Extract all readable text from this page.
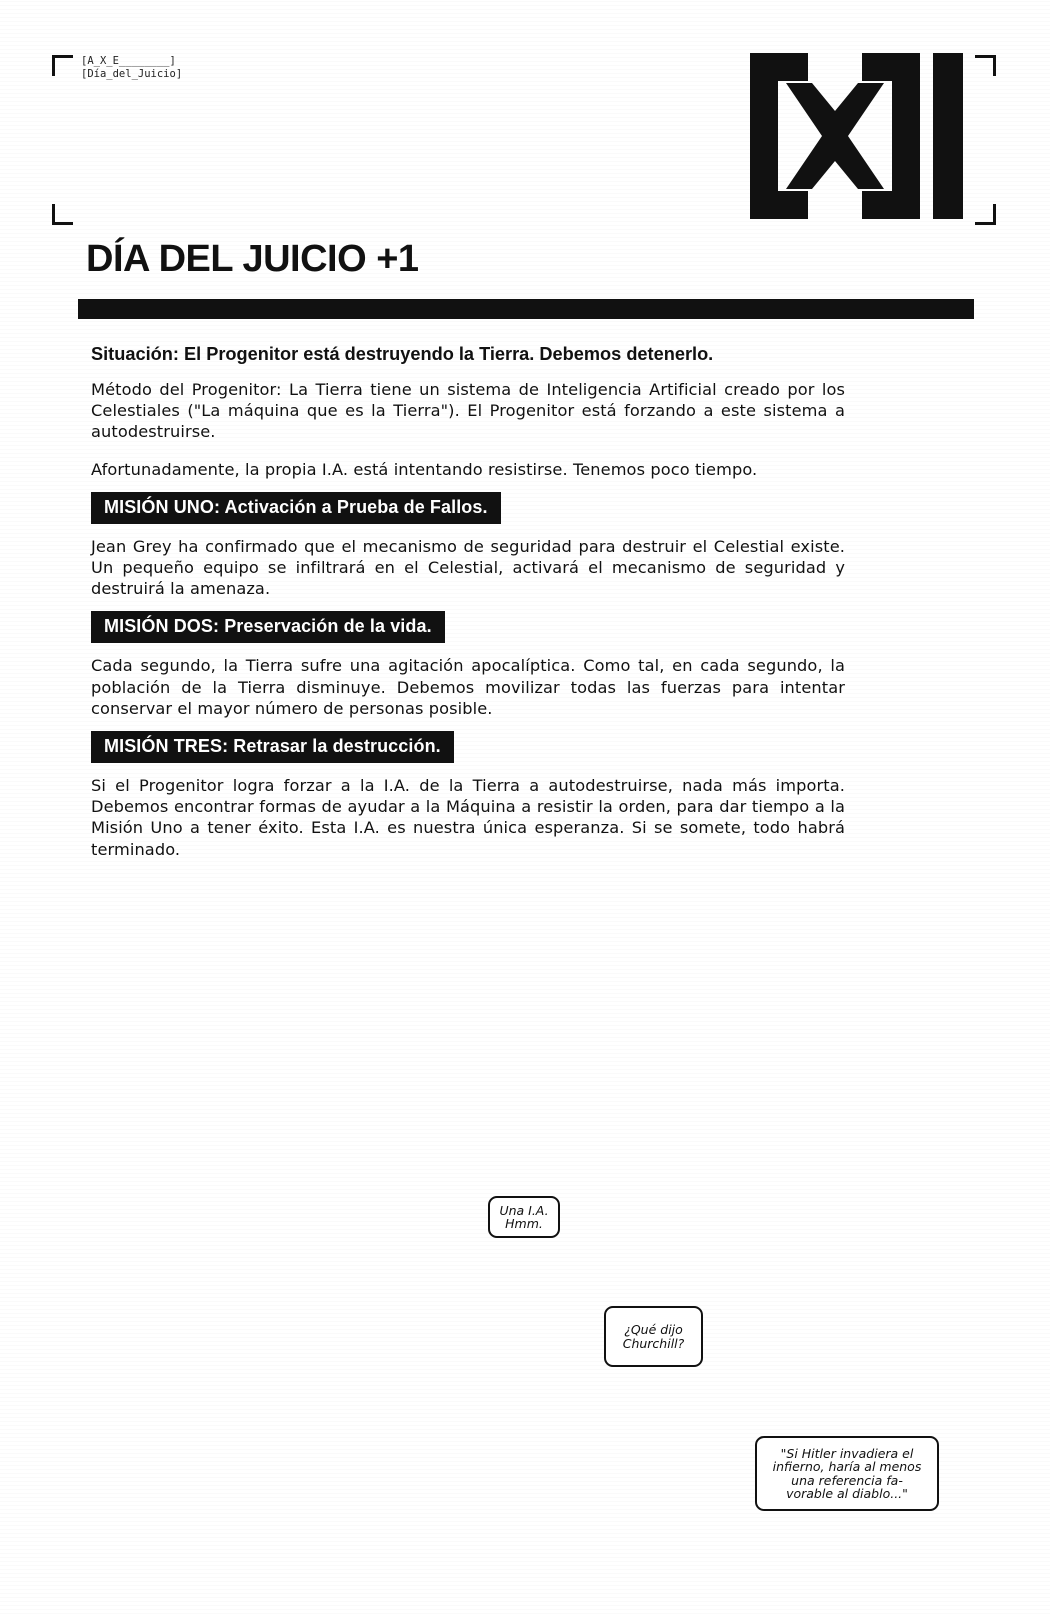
[A_X_E________]
[Día_del_Juicio]
DÍA DEL JUICIO +1

Situación: El Progenitor está destruyendo la Tierra. Debemos detenerlo.

Método del Progenitor: La Tierra tiene un sistema de Inteligencia Artificial creado por los Celestiales ("La máquina que es la Tierra"). El Progenitor está forzando a este sistema a autodestruirse.

Afortunadamente, la propia I.A. está intentando resistirse. Tenemos poco tiempo.

MISIÓN UNO: Activación a Prueba de Fallos.

Jean Grey ha confirmado que el mecanismo de seguridad para destruir el Celestial existe. Un pequeño equipo se infiltrará en el Celestial, activará el mecanismo de seguridad y destruirá la amenaza.

MISIÓN DOS: Preservación de la vida.

Cada segundo, la Tierra sufre una agitación apocalíptica. Como tal, en cada segundo, la población de la Tierra disminuye. Debemos movilizar todas las fuerzas para intentar conservar el mayor número de personas posible.

MISIÓN TRES: Retrasar la destrucción.

Si el Progenitor logra forzar a la I.A. de la Tierra a autodestruirse, nada más importa. Debemos encontrar formas de ayudar a la Máquina a resistir la orden, para dar tiempo a la Misión Uno a tener éxito. Esta I.A. es nuestra única esperanza. Si se somete, todo habrá terminado.

Una I.A.
Hmm.
¿Qué dijo
Churchill?
"Si Hitler invadiera el
infierno, haría al menos
una referencia fa-
vorable al diablo..."
